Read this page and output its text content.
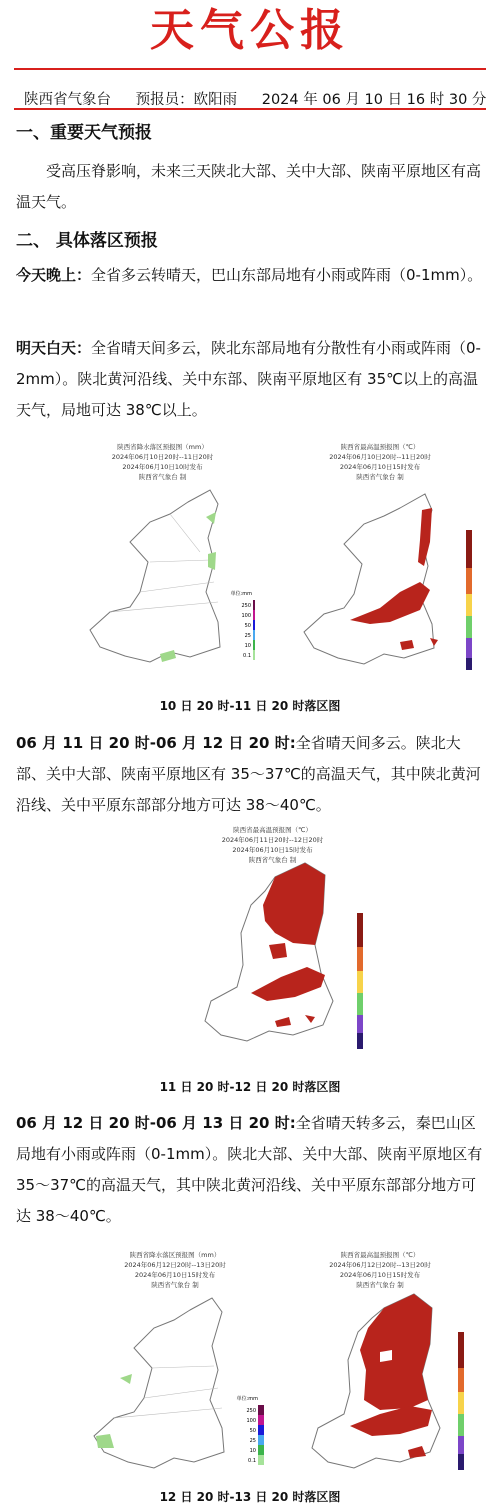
天气公报
陕西省气象台 预报员：欧阳雨 2024 年 06 月 10 日 16 时 30 分
一、重要天气预报
受高压脊影响，未来三天陕北大部、关中大部、陕南平原地区有高温天气。
二、 具体落区预报
今天晚上：全省多云转晴天，巴山东部局地有小雨或阵雨（0-1mm）。
明天白天：全省晴天间多云，陕北东部局地有分散性有小雨或阵雨（0-2mm）。陕北黄河沿线、关中东部、陕南平原地区有 35℃以上的高温天气，局地可达 38℃以上。
陕西省降水落区预报图（mm）
2024年06月10日20时--11日20时
2024年06月10日10时发布
陕西省气象台 制
单位:mm
250
100
50
25
10
0.1
陕西省最高温预报图（℃）
2024年06月10日20时--11日20时
2024年06月10日15时发布
陕西省气象台 制
10 日 20 时-11 日 20 时落区图
06 月 11 日 20 时-06 月 12 日 20 时:全省晴天间多云。陕北大部、关中大部、陕南平原地区有 35～37℃的高温天气，其中陕北黄河沿线、关中平原东部部分地方可达 38～40℃。
陕西省最高温预报图（℃）
2024年06月11日20时--12日20时
2024年06月10日15时发布
陕西省气象台 制
11 日 20 时-12 日 20 时落区图
06 月 12 日 20 时-06 月 13 日 20 时:全省晴天转多云，秦巴山区局地有小雨或阵雨（0-1mm）。陕北大部、关中大部、陕南平原地区有 35～37℃的高温天气，其中陕北黄河沿线、关中平原东部部分地方可达 38～40℃。
陕西省降水落区预报图（mm）
2024年06月12日20时--13日20时
2024年06月10日15时发布
陕西省气象台 制
单位:mm
250
100
50
25
10
0.1
陕西省最高温预报图（℃）
2024年06月12日20时--13日20时
2024年06月10日15时发布
陕西省气象台 制
12 日 20 时-13 日 20 时落区图
